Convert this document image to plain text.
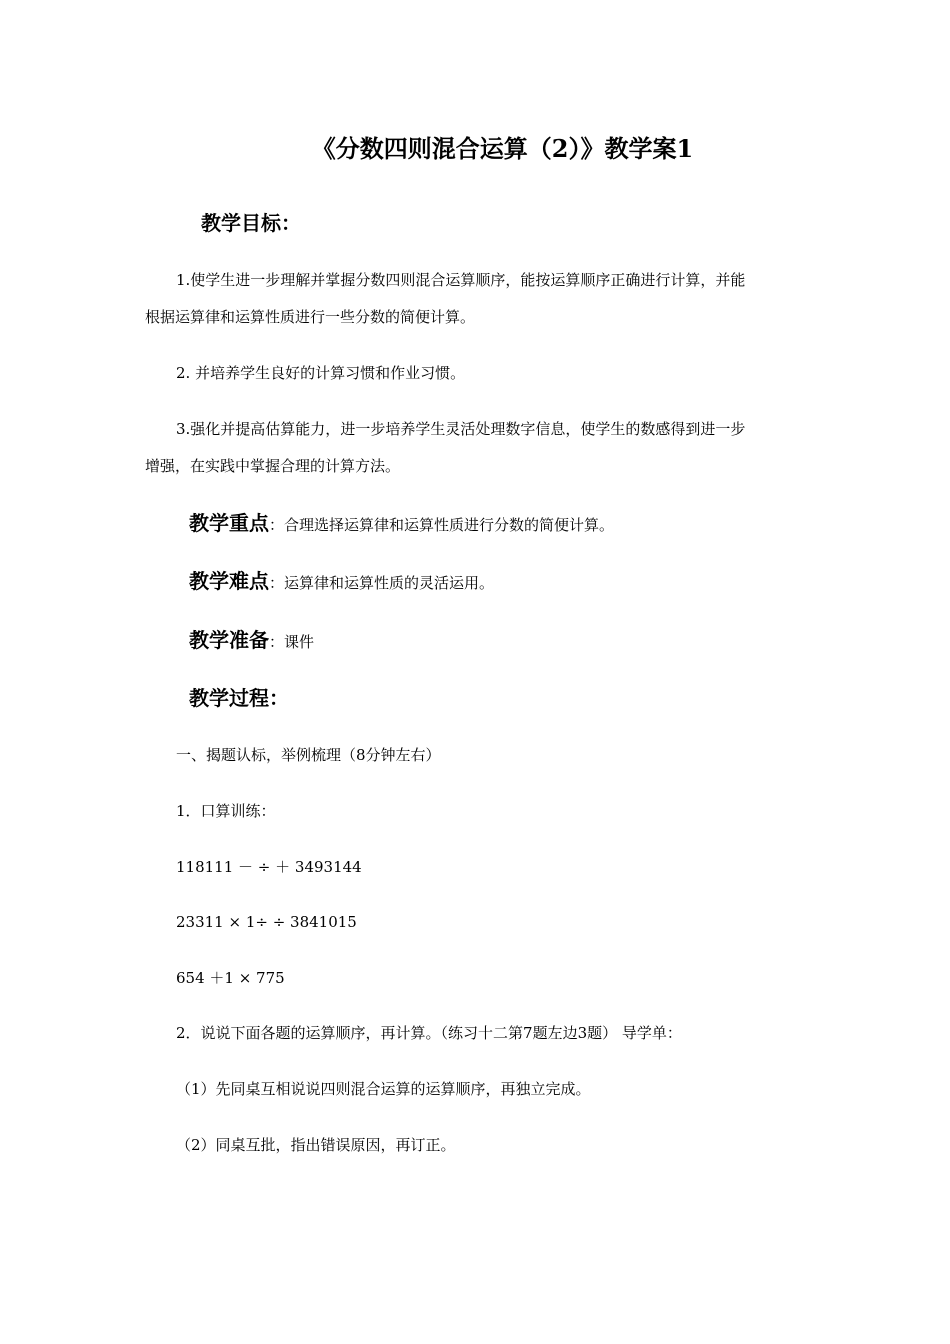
《分数四则混合运算（2）》教学案1
教学目标：
1.使学生进一步理解并掌握分数四则混合运算顺序，能按运算顺序正确进行计算，并能
根据运算律和运算性质进行一些分数的简便计算。
2. 并培养学生良好的计算习惯和作业习惯。
3.强化并提高估算能力，进一步培养学生灵活处理数字信息，使学生的数感得到进一步
增强，在实践中掌握合理的计算方法。
教学重点：合理选择运算律和运算性质进行分数的简便计算。
教学难点：运算律和运算性质的灵活运用。
教学准备：课件
教学过程：
一、揭题认标，举例梳理（8分钟左右）
1．口算训练：
118111 － ÷ ＋ 3493144
23311 × 1÷ ÷ 3841015
654 ＋1 × 775
2．说说下面各题的运算顺序，再计算。（练习十二第7题左边3题） 导学单：
（1）先同桌互相说说四则混合运算的运算顺序，再独立完成。
（2）同桌互批，指出错误原因，再订正。
